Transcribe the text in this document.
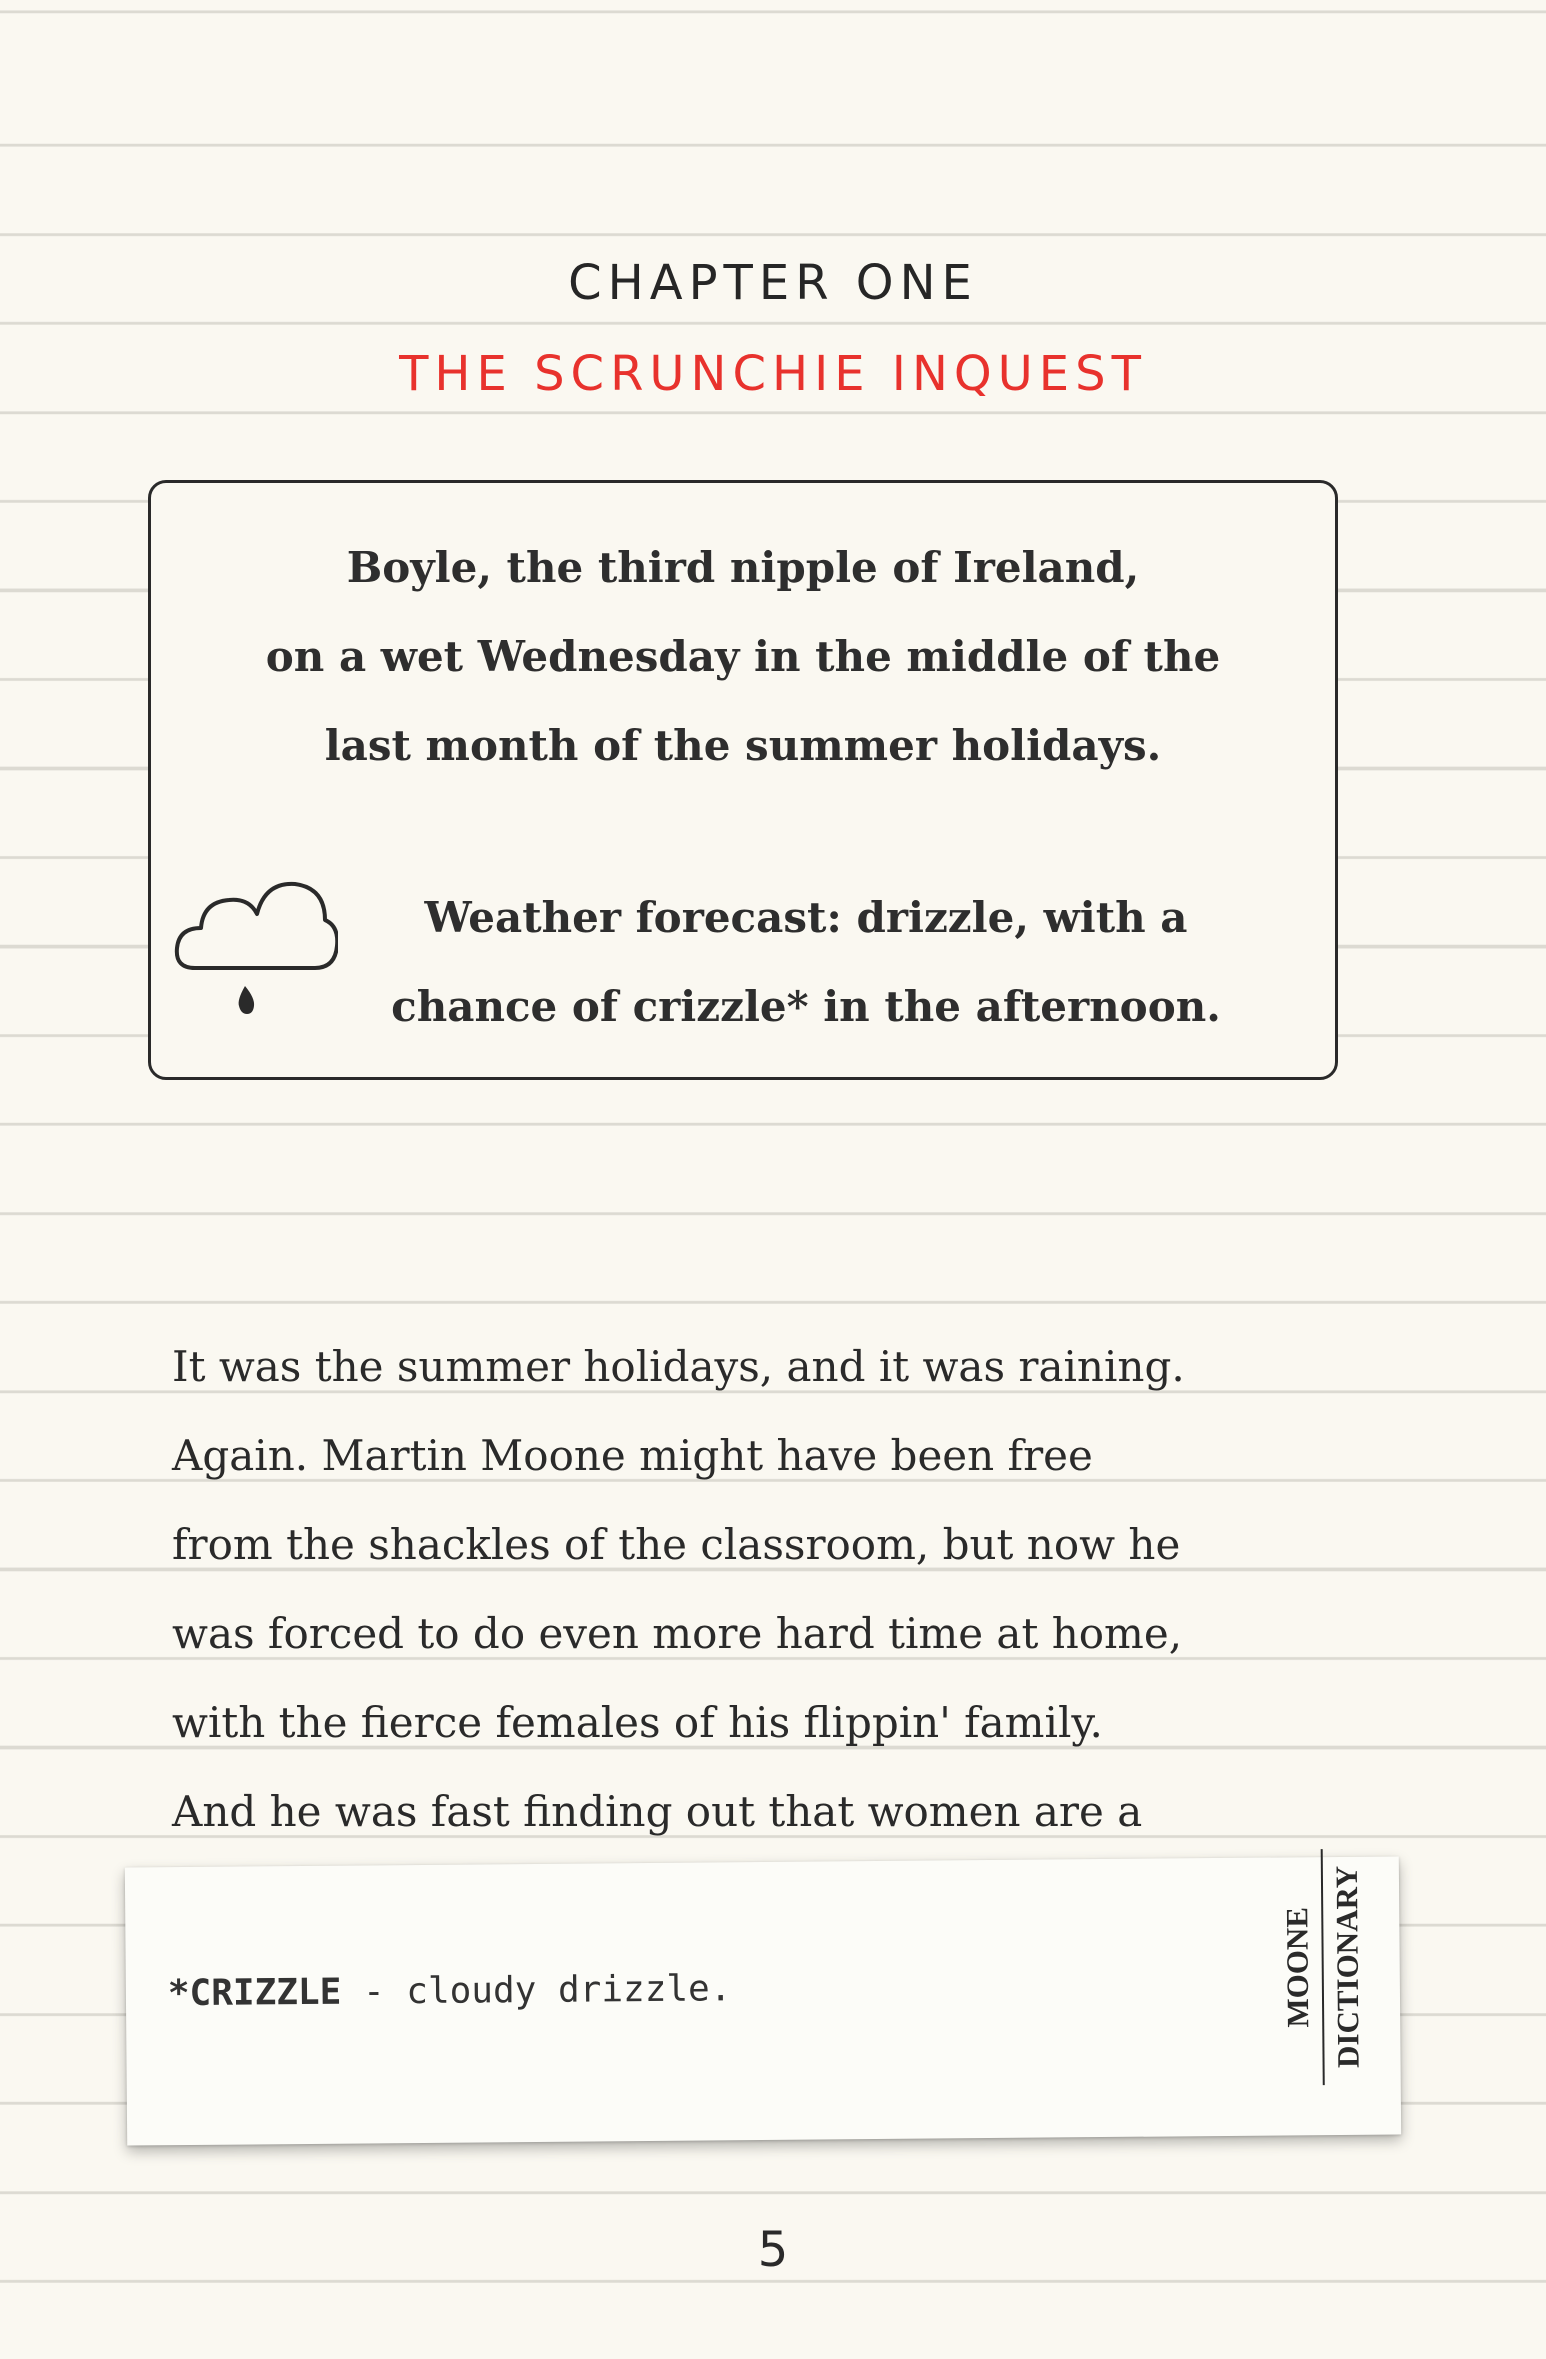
CHAPTER ONE
THE SCRUNCHIE INQUEST

Boyle, the third nipple of Ireland,
on a wet Wednesday in the middle of the
last month of the summer holidays.

Weather forecast: drizzle, with a
chance of crizzle* in the afternoon.

It was the summer holidays, and it was raining.
Again. Martin Moone might have been free
from the shackles of the classroom, but now he
was forced to do even more hard time at home,
with the fierce females of his flippin' family.
And he was fast finding out that women are a

*CRIZZLE - cloudy drizzle.	MOONE DICTIONARY
5
